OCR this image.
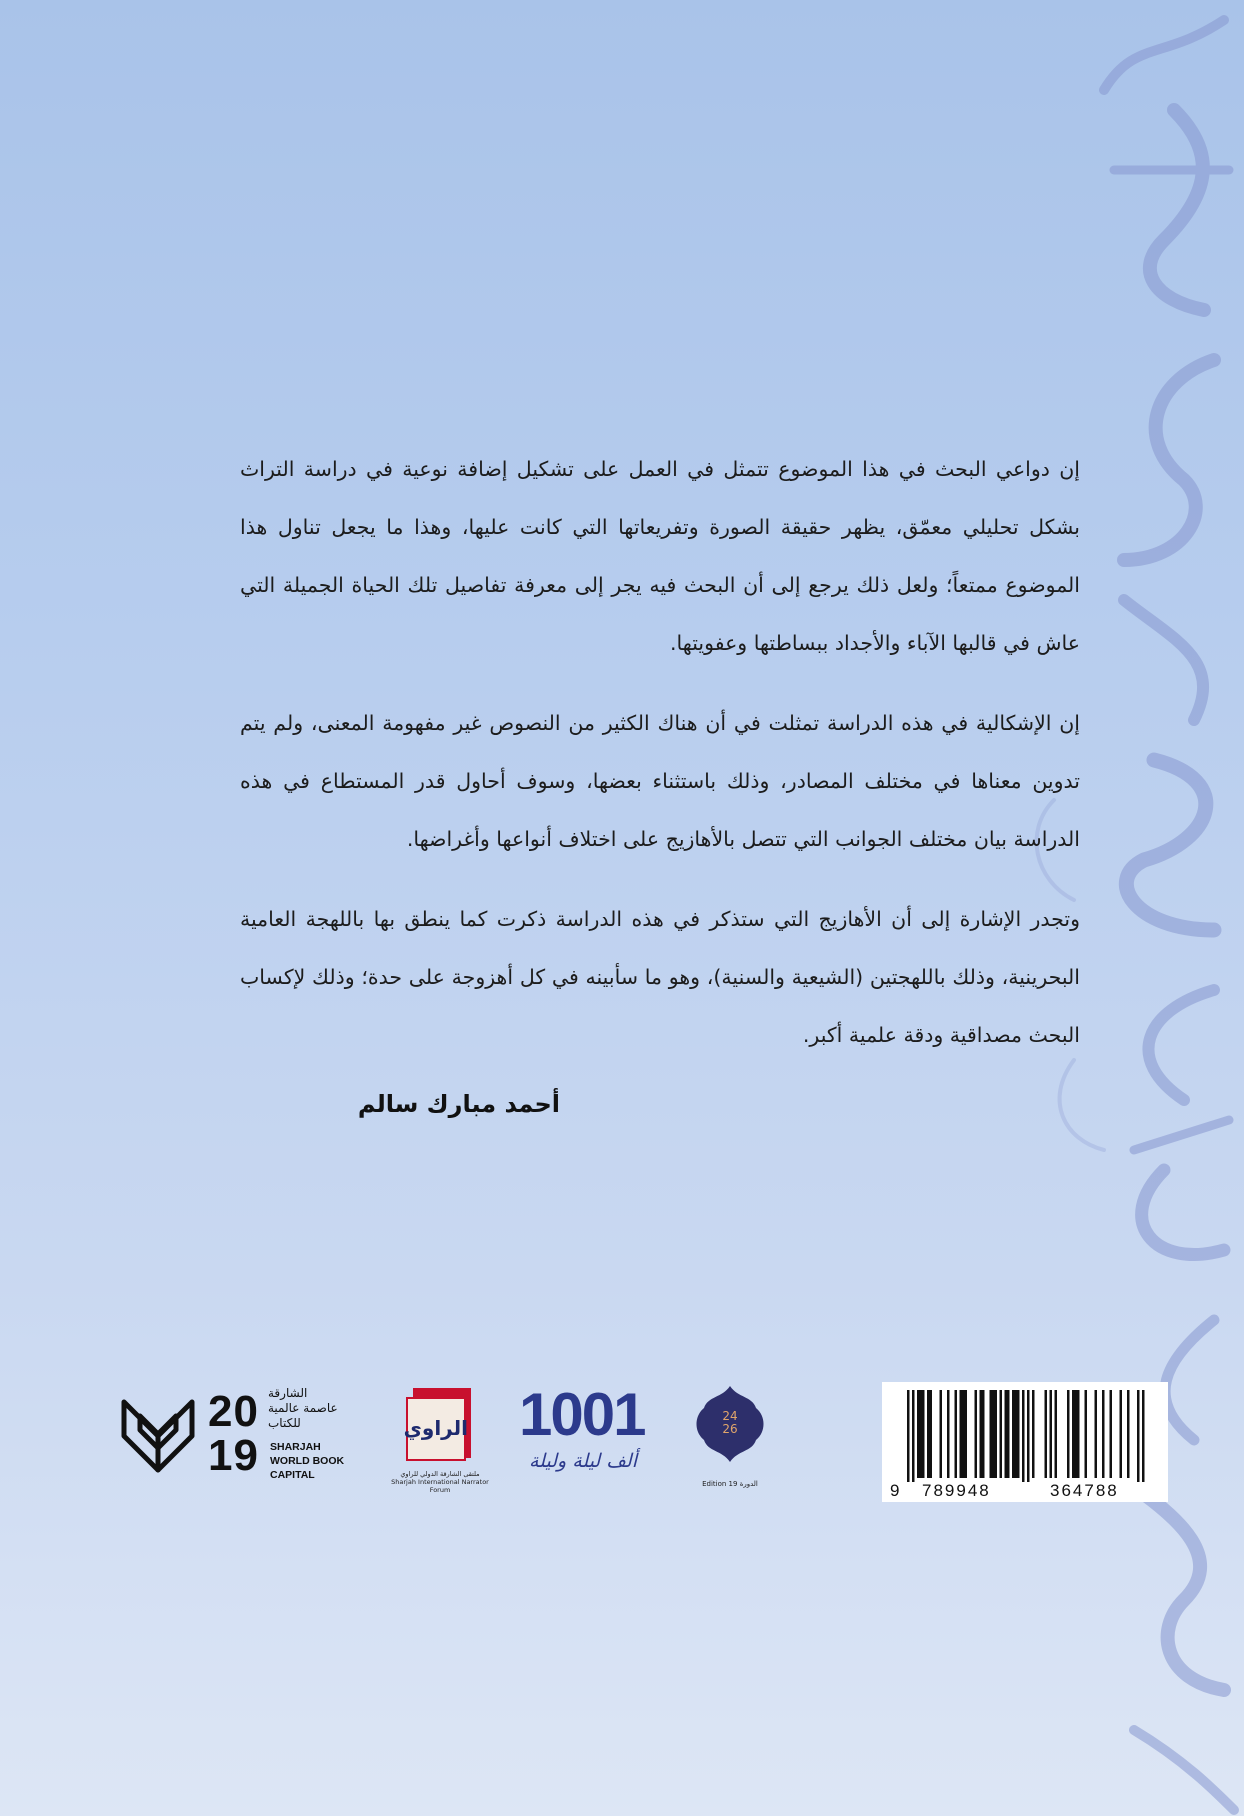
إن دواعي البحث في هذا الموضوع تتمثل في العمل على تشكيل إضافة نوعية في دراسة التراث بشكل تحليلي معمّق، يظهر حقيقة الصورة وتفريعاتها التي كانت عليها، وهذا ما يجعل تناول هذا الموضوع ممتعاً؛ ولعل ذلك يرجع إلى أن البحث فيه يجر إلى معرفة تفاصيل تلك الحياة الجميلة التي عاش في قالبها الآباء والأجداد ببساطتها وعفويتها.

إن الإشكالية في هذه الدراسة تمثلت في أن هناك الكثير من النصوص غير مفهومة المعنى، ولم يتم تدوين معناها في مختلف المصادر، وذلك باستثناء بعضها، وسوف أحاول قدر المستطاع في هذه الدراسة بيان مختلف الجوانب التي تتصل بالأهازيج على اختلاف أنواعها وأغراضها.

وتجدر الإشارة إلى أن الأهازيج التي ستذكر في هذه الدراسة ذكرت كما ينطق بها باللهجة العامية البحرينية، وذلك باللهجتين (الشيعية والسنية)، وهو ما سأبينه في كل أهزوجة على حدة؛ وذلك لإكساب البحث مصداقية ودقة علمية أكبر.

أحمد مبارك سالم
2019
الشارقة
عاصمة عالمية
للكتاب
SHARJAH
WORLD BOOK
CAPITAL
الراوي
ملتقى الشارقة الدولي للراوي
Sharjah International Narrator Forum
1001
ألف ليلة وليلة
24 26
Edition 19 الدورة	9 789948	364788
